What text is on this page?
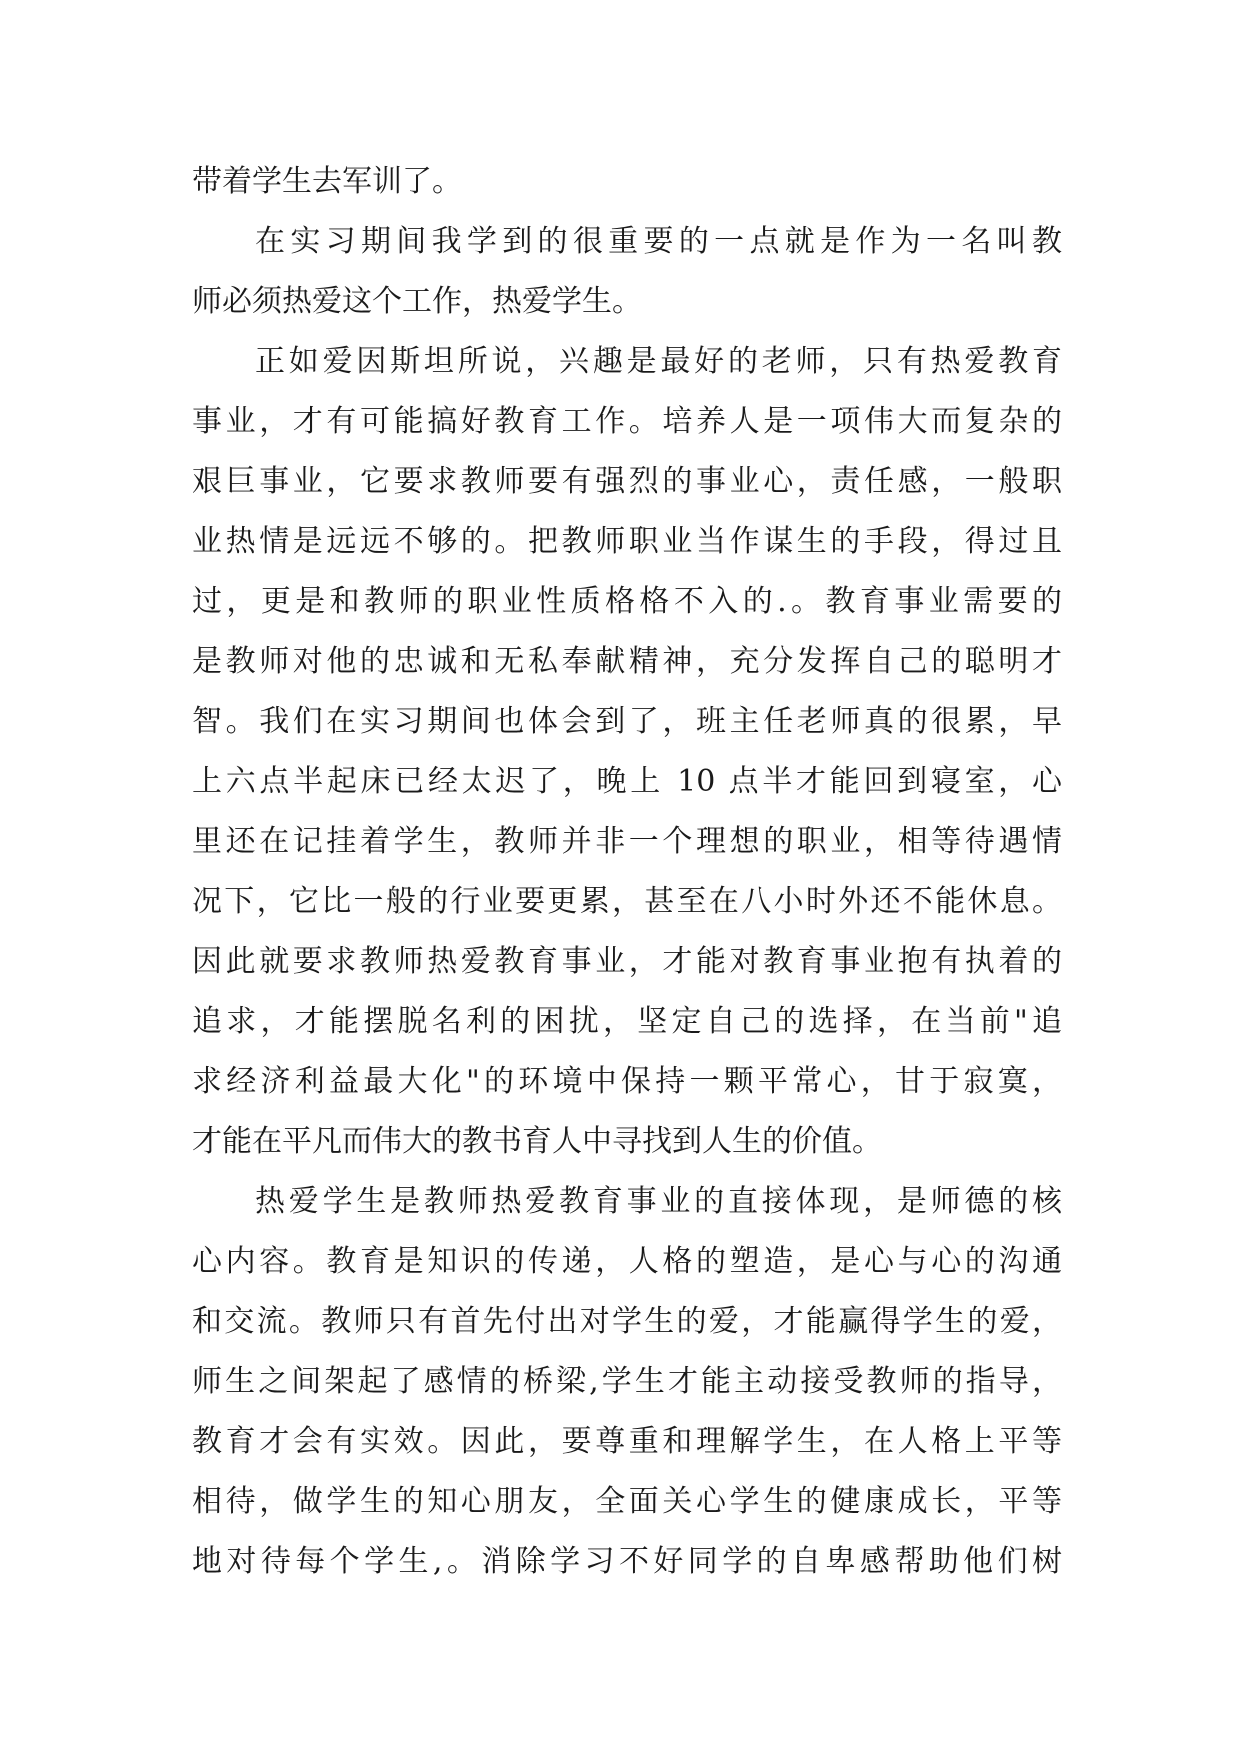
带着学生去军训了。
在实习期间我学到的很重要的一点就是作为一名叫教
师必须热爱这个工作，热爱学生。
正如爱因斯坦所说，兴趣是最好的老师，只有热爱教育
事业，才有可能搞好教育工作。培养人是一项伟大而复杂的
艰巨事业，它要求教师要有强烈的事业心，责任感，一般职
业热情是远远不够的。把教师职业当作谋生的手段，得过且
过，更是和教师的职业性质格格不入的.。教育事业需要的
是教师对他的忠诚和无私奉献精神，充分发挥自己的聪明才
智。我们在实习期间也体会到了，班主任老师真的很累，早
上六点半起床已经太迟了，晚上 10 点半才能回到寝室，心
里还在记挂着学生，教师并非一个理想的职业，相等待遇情
况下，它比一般的行业要更累，甚至在八小时外还不能休息。
因此就要求教师热爱教育事业，才能对教育事业抱有执着的
追求，才能摆脱名利的困扰，坚定自己的选择，在当前"追
求经济利益最大化"的环境中保持一颗平常心，甘于寂寞，
才能在平凡而伟大的教书育人中寻找到人生的价值。
热爱学生是教师热爱教育事业的直接体现，是师德的核
心内容。教育是知识的传递，人格的塑造，是心与心的沟通
和交流。教师只有首先付出对学生的爱，才能赢得学生的爱，
师生之间架起了感情的桥梁,学生才能主动接受教师的指导，
教育才会有实效。因此，要尊重和理解学生，在人格上平等
相待，做学生的知心朋友，全面关心学生的健康成长，平等
地对待每个学生,。消除学习不好同学的自卑感帮助他们树
